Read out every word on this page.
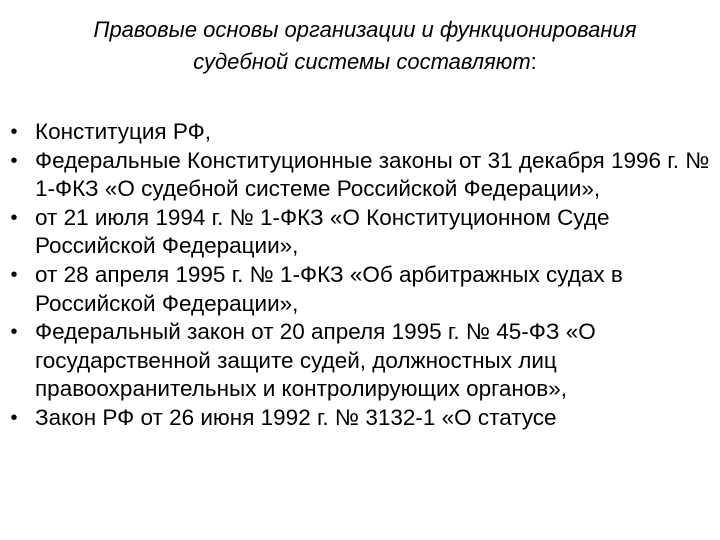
Правовые основы организации и функционирования
судебной системы составляют:
• Конституция РФ,
• Федеральные Конституционные законы от 31 декабря 1996 г. № 1-ФКЗ «О судебной системе Российской Федерации»,
• от 21 июля 1994 г. № 1-ФКЗ «О Конституционном Суде Российской Федерации»,
• от 28 апреля 1995 г. № 1-ФКЗ «Об арбитражных судах в Российской Федерации»,
• Федеральный закон от 20 апреля 1995 г. № 45-ФЗ «О государственной защите судей, должностных лиц правоохранительных и контролирующих органов»,
• Закон РФ от 26 июня 1992 г. № 3132-1 «О статусе
